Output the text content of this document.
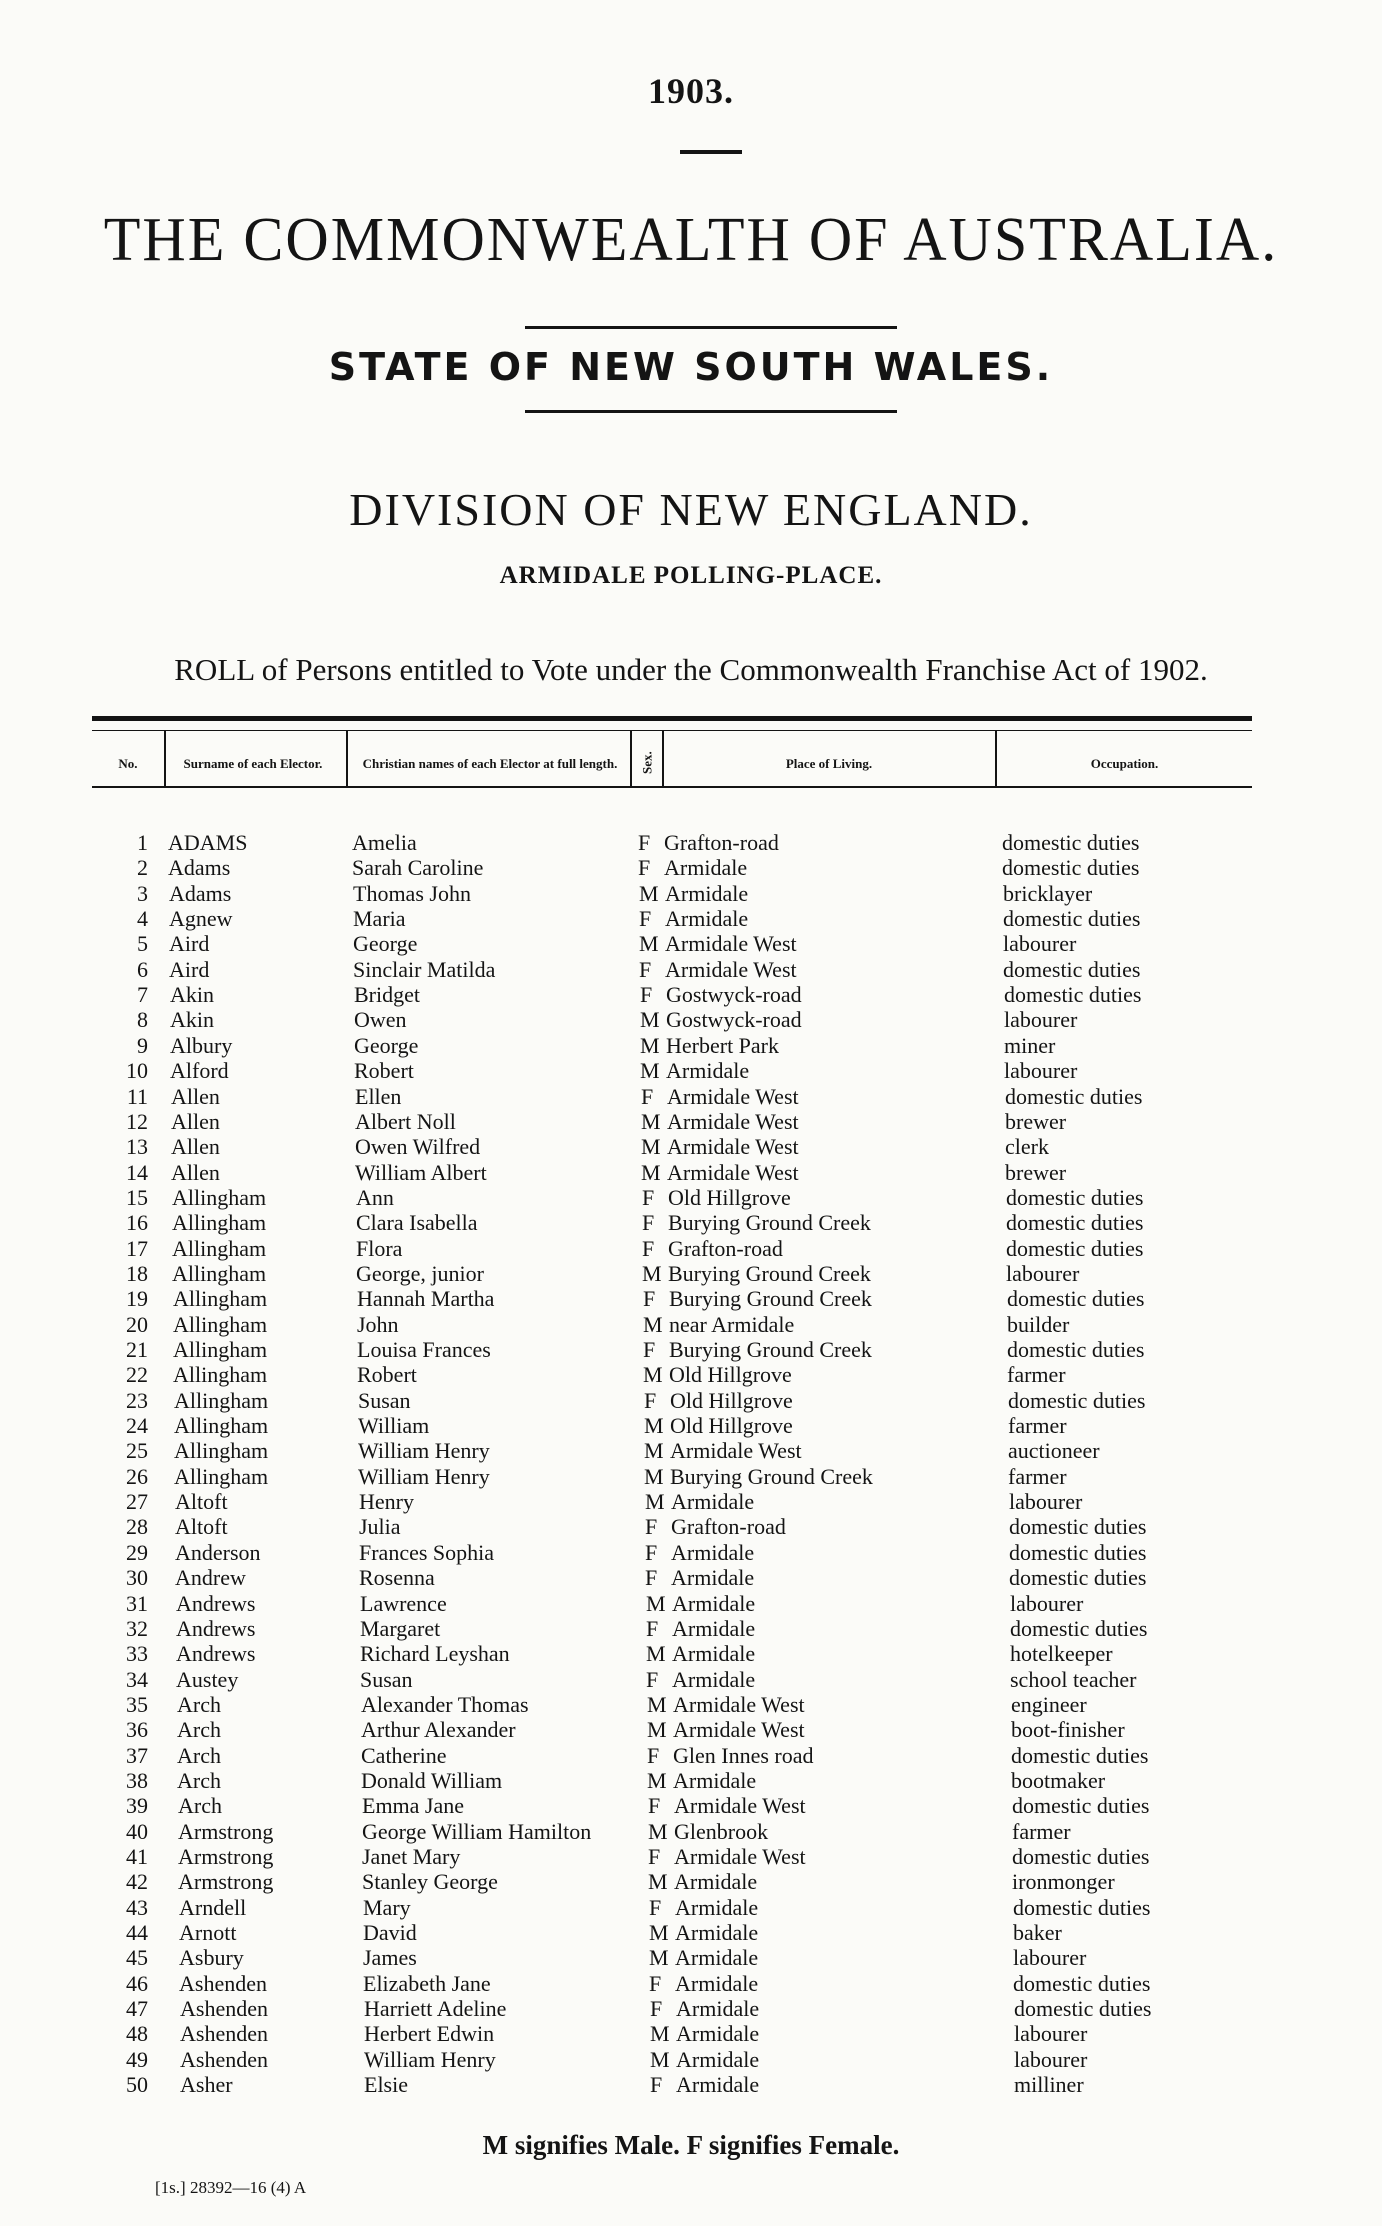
1903.
THE COMMONWEALTH OF AUSTRALIA.
STATE OF NEW SOUTH WALES.
DIVISION OF NEW ENGLAND.
ARMIDALE POLLING-PLACE.
ROLL of Persons entitled to Vote under the Commonwealth Franchise Act of 1902.
No.	Surname of each Elector.	Christian names of each Elector at full length.	Sex.	Place of Living.	Occupation.
1 ADAMS	Amelia	F Grafton-road	domestic duties
2 Adams	Sarah Caroline	F Armidale	domestic duties
3 Adams	Thomas John	M Armidale	bricklayer
4 Agnew	Maria	F Armidale	domestic duties
5 Aird	George	M Armidale West	labourer
6 Aird	Sinclair Matilda	F Armidale West	domestic duties
7 Akin	Bridget	F Gostwyck-road	domestic duties
8 Akin	Owen	M Gostwyck-road	labourer
9 Albury	George	M Herbert Park	miner
10 Alford	Robert	M Armidale	labourer
11 Allen	Ellen	F Armidale West	domestic duties
12 Allen	Albert Noll	M Armidale West	brewer
13 Allen	Owen Wilfred	M Armidale West	clerk
14 Allen	William Albert	M Armidale West	brewer
15 Allingham	Ann	F Old Hillgrove	domestic duties
16 Allingham	Clara Isabella	F Burying Ground Creek	domestic duties
17 Allingham	Flora	F Grafton-road	domestic duties
18 Allingham	George, junior	M Burying Ground Creek	labourer
19 Allingham	Hannah Martha	F Burying Ground Creek	domestic duties
20 Allingham	John	M near Armidale	builder
21 Allingham	Louisa Frances	F Burying Ground Creek	domestic duties
22 Allingham	Robert	M Old Hillgrove	farmer
23 Allingham	Susan	F Old Hillgrove	domestic duties
24 Allingham	William	M Old Hillgrove	farmer
25 Allingham	William Henry	M Armidale West	auctioneer
26 Allingham	William Henry	M Burying Ground Creek	farmer
27 Altoft	Henry	M Armidale	labourer
28 Altoft	Julia	F Grafton-road	domestic duties
29 Anderson	Frances Sophia	F Armidale	domestic duties
30 Andrew	Rosenna	F Armidale	domestic duties
31 Andrews	Lawrence	M Armidale	labourer
32 Andrews	Margaret	F Armidale	domestic duties
33 Andrews	Richard Leyshan	M Armidale	hotelkeeper
34 Austey	Susan	F Armidale	school teacher
35 Arch	Alexander Thomas	M Armidale West	engineer
36 Arch	Arthur Alexander	M Armidale West	boot-finisher
37 Arch	Catherine	F Glen Innes road	domestic duties
38 Arch	Donald William	M Armidale	bootmaker
39 Arch	Emma Jane	F Armidale West	domestic duties
40 Armstrong	George William Hamilton	M Glenbrook	farmer
41 Armstrong	Janet Mary	F Armidale West	domestic duties
42 Armstrong	Stanley George	M Armidale	ironmonger
43 Arndell	Mary	F Armidale	domestic duties
44 Arnott	David	M Armidale	baker
45 Asbury	James	M Armidale	labourer
46 Ashenden	Elizabeth Jane	F Armidale	domestic duties
47 Ashenden	Harriett Adeline	F Armidale	domestic duties
48 Ashenden	Herbert Edwin	M Armidale	labourer
49 Ashenden	William Henry	M Armidale	labourer
50 Asher	Elsie	F Armidale	milliner
M signifies Male. F signifies Female.
[1s.] 28392—16 (4) A
